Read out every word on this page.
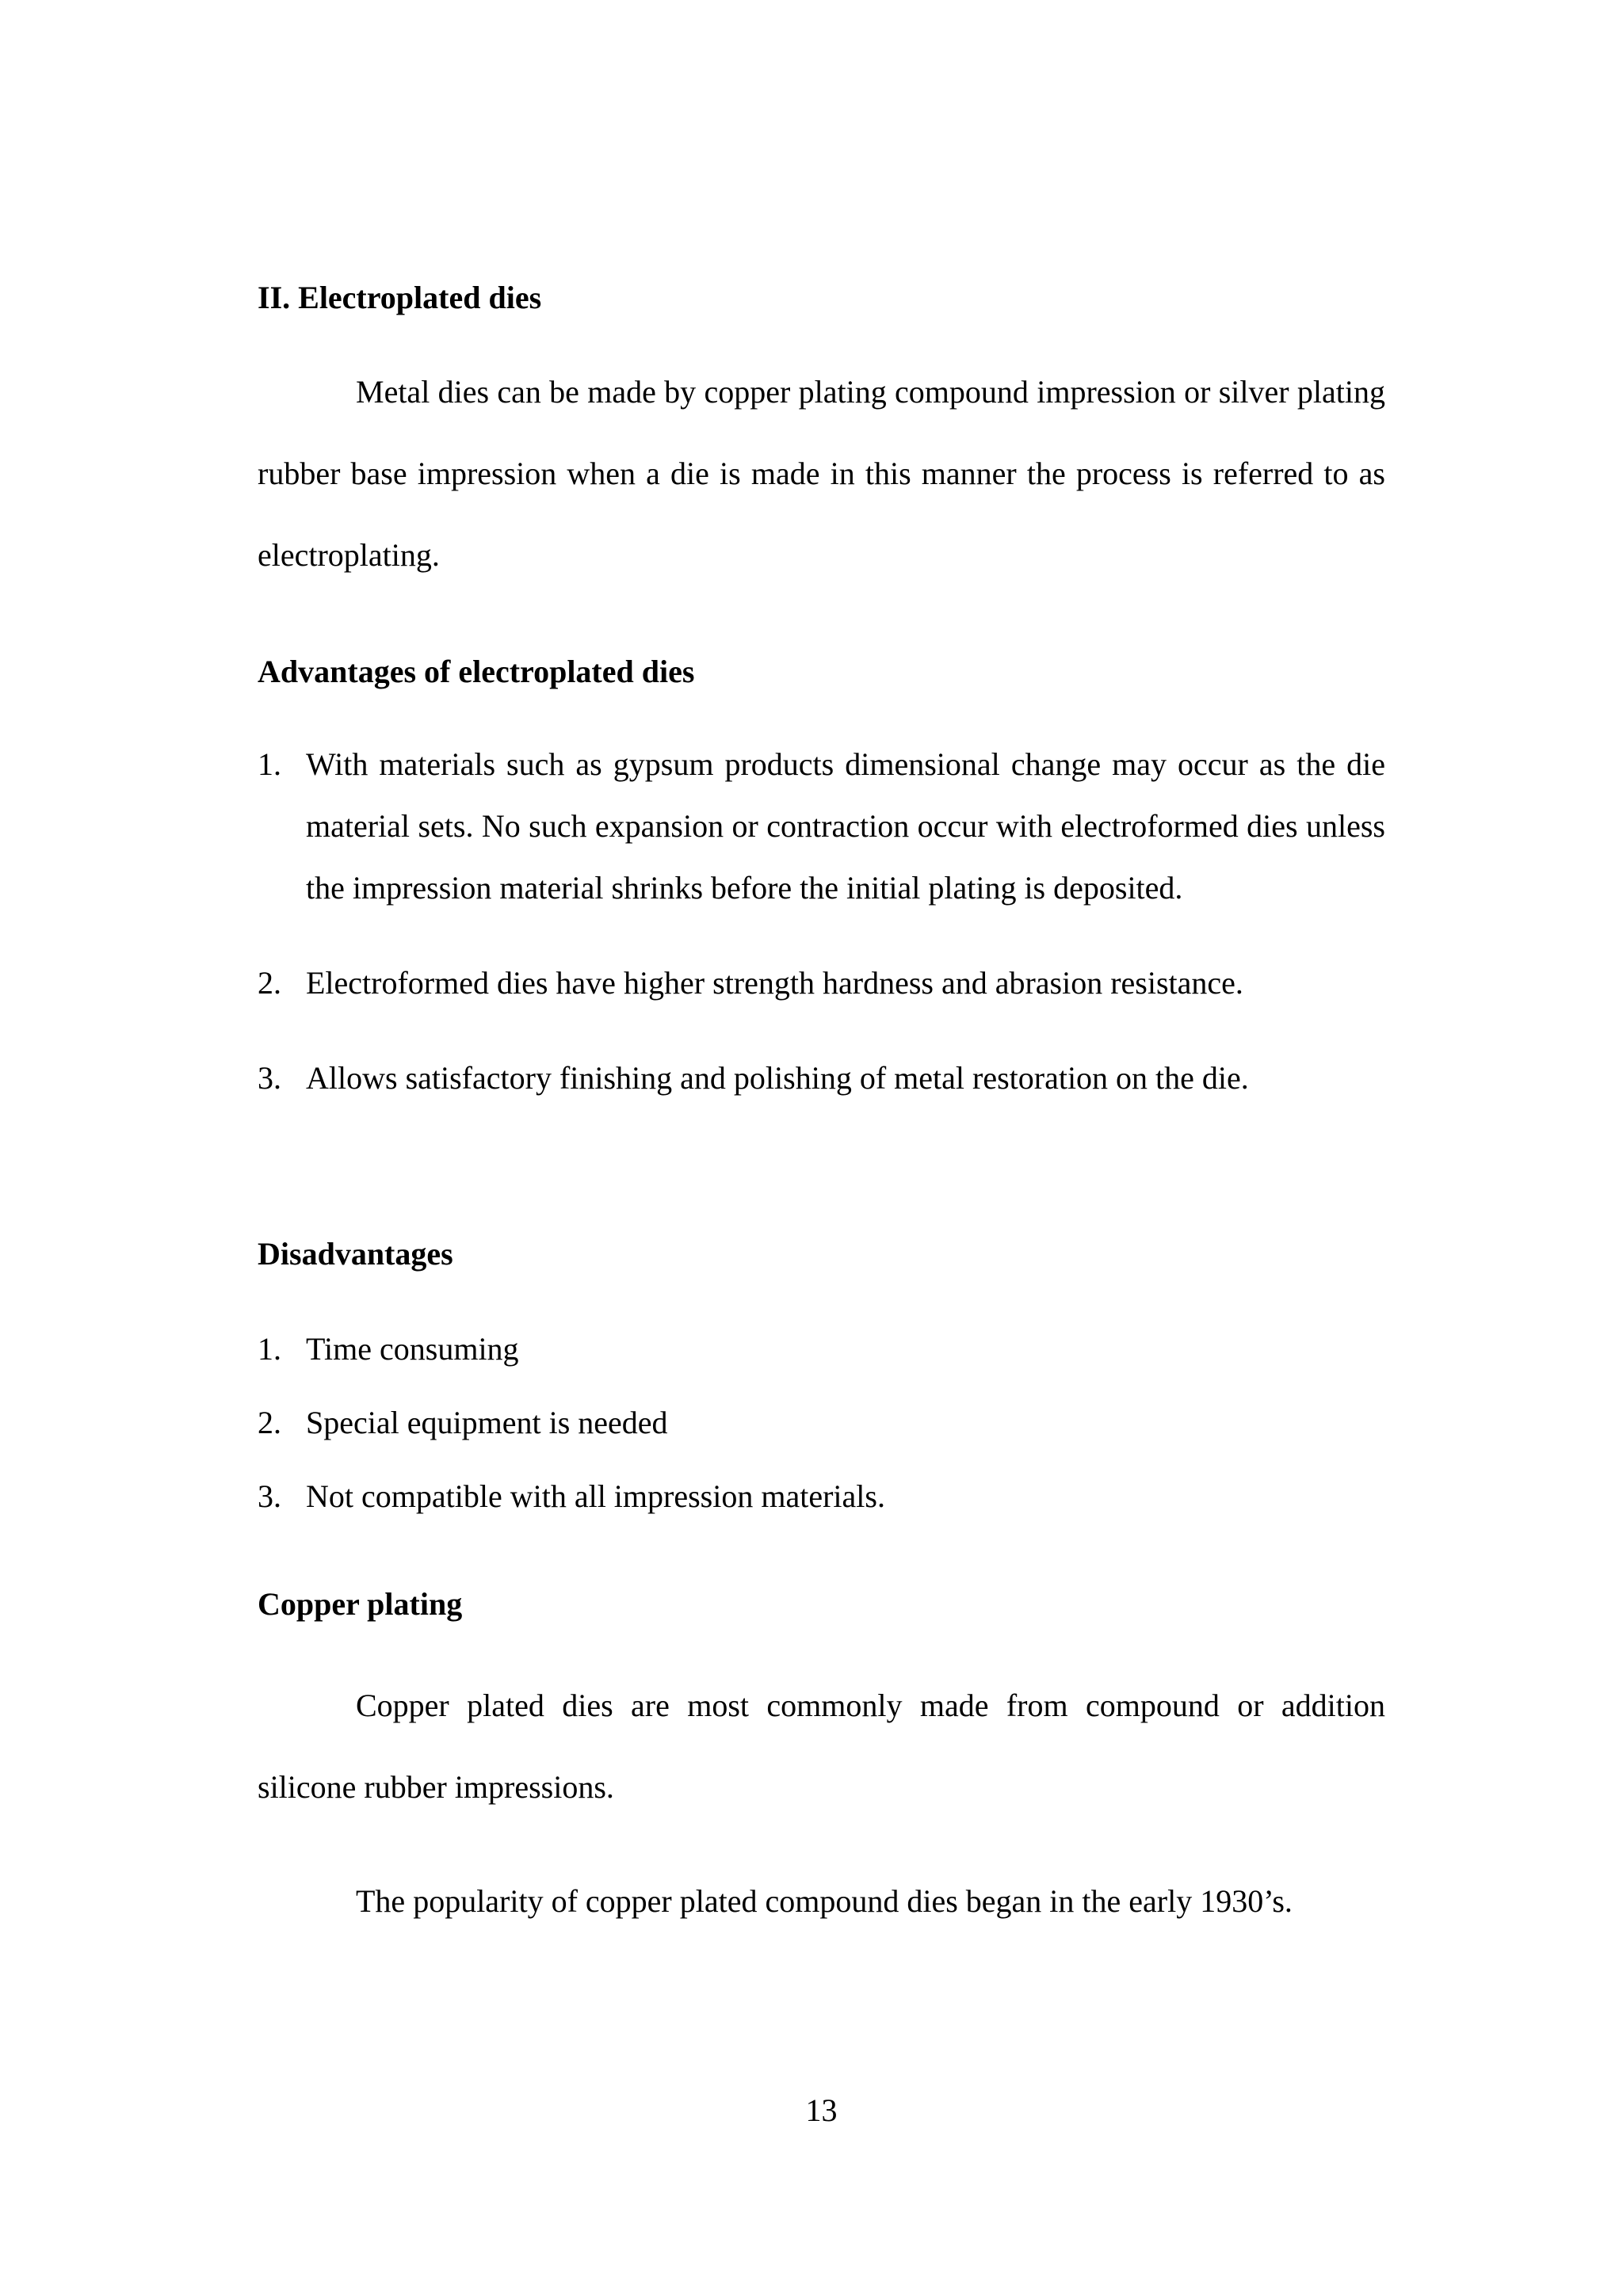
II. Electroplated dies

Metal dies can be made by copper plating compound impression or silver plating rubber base impression when a die is made in this manner the process is referred to as electroplating.

Advantages of electroplated dies
1. With materials such as gypsum products dimensional change may occur as the die material sets. No such expansion or contraction occur with electroformed dies unless the impression material shrinks before the initial plating is deposited.
2. Electroformed dies have higher strength hardness and abrasion resistance.
3. Allows satisfactory finishing and polishing of metal restoration on the die.
Disadvantages
1. Time consuming
2. Special equipment is needed
3. Not compatible with all impression materials.
Copper plating

Copper plated dies are most commonly made from compound or addition silicone rubber impressions.

The popularity of copper plated compound dies began in the early 1930’s.

13
